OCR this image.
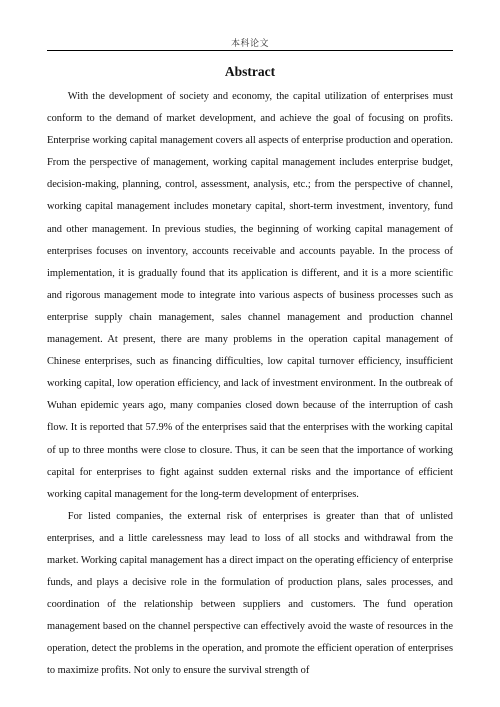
本科论文
Abstract

With the development of society and economy, the capital utilization of enterprises must conform to the demand of market development, and achieve the goal of focusing on profits. Enterprise working capital management covers all aspects of enterprise production and operation. From the perspective of management, working capital management includes enterprise budget, decision-making, planning, control, assessment, analysis, etc.; from the perspective of channel, working capital management includes monetary capital, short-term investment, inventory, fund and other management. In previous studies, the beginning of working capital management of enterprises focuses on inventory, accounts receivable and accounts payable. In the process of implementation, it is gradually found that its application is different, and it is a more scientific and rigorous management mode to integrate into various aspects of business processes such as enterprise supply chain management, sales channel management and production channel management. At present, there are many problems in the operation capital management of Chinese enterprises, such as financing difficulties, low capital turnover efficiency, insufficient working capital, low operation efficiency, and lack of investment environment. In the outbreak of Wuhan epidemic years ago, many companies closed down because of the interruption of cash flow. It is reported that 57.9% of the enterprises said that the enterprises with the working capital of up to three months were close to closure. Thus, it can be seen that the importance of working capital for enterprises to fight against sudden external risks and the importance of efficient working capital management for the long-term development of enterprises.

For listed companies, the external risk of enterprises is greater than that of unlisted enterprises, and a little carelessness may lead to loss of all stocks and withdrawal from the market. Working capital management has a direct impact on the operating efficiency of enterprise funds, and plays a decisive role in the formulation of production plans, sales processes, and coordination of the relationship between suppliers and customers. The fund operation management based on the channel perspective can effectively avoid the waste of resources in the operation, detect the problems in the operation, and promote the efficient operation of enterprises to maximize profits. Not only to ensure the survival strength of
